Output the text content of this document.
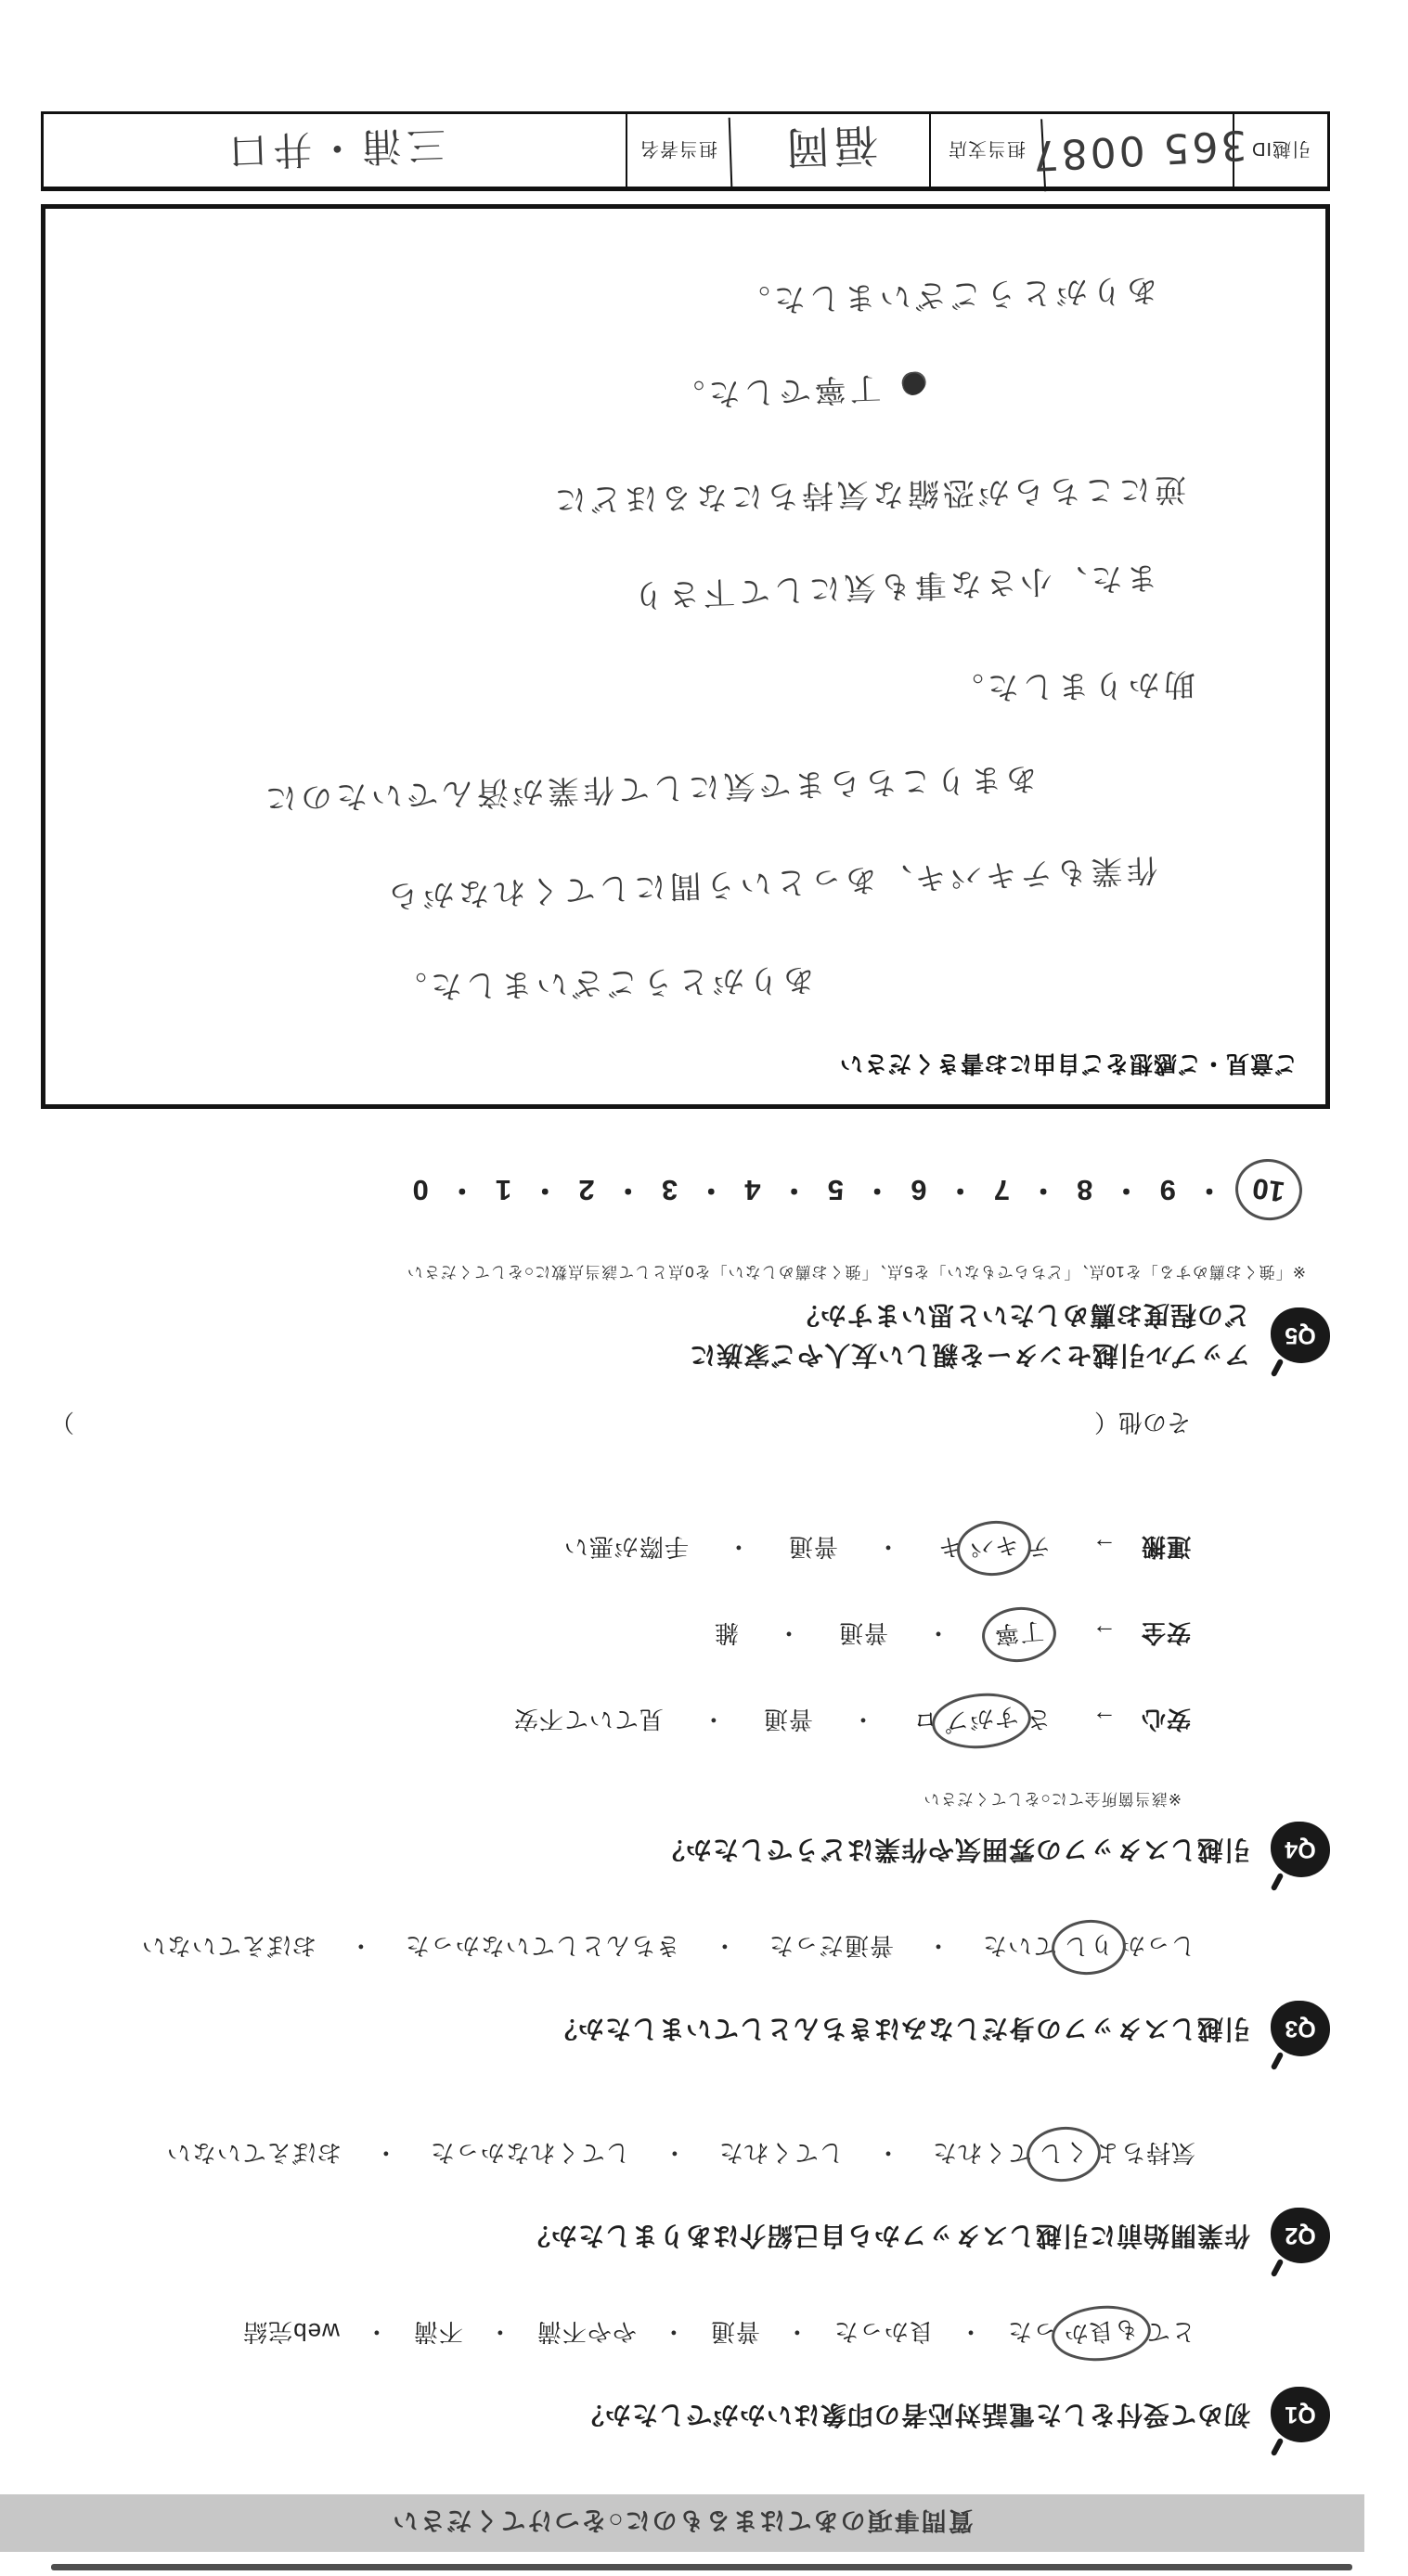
質問事項のあてはまるものに○をつけてください
Q1
初めて受付をした電話対応者の印象はいかがでしたか？
とても良かった・良かった・普通・やや不満・不満・web完結
Q2
作業開始前に引越しスタッフから自己紹介はありましたか？
気持ちよくしてくれた・してくれた・してくれなかった・おぼえていない
Q3
引越しスタッフの身だしなみはきちんとしていましたか？
しっかりしていた・普通だった・きちんとしていなかった・おぼえていない
Q4
引越しスタッフの雰囲気や作業はどうでしたか？
※該当箇所全てに○をしてください
安心→さすがプロ・普通・見ていて不安
安全→丁寧・普通・雑
運搬→テキパキ・普通・手際が悪い
その他（
）
Q5
アップル引越センターを親しい友人やご家族に
どの程度お薦めしたいと思いますか？
※「強くお薦めする」を10点、「どちらでもない」を5点、「強くお薦めしない」を0点として該当点数に○をしてください
10・ 9 ・ 8 ・ 7 ・ 6 ・ 5 ・ 4 ・ 3 ・ 2 ・ 1 ・ 0
ご意見・ご感想をご自由にお書きください
ありがとうございました。
作業もテキパキ、あっという間にしてくれながら
あまりこちらまで気にして作業が済んでいたのに
助かりました。
また、小さな事も気にして下さり
逆にこちらが恐縮な気持ちになるほどに
●丁寧でした。
ありがとうございました。
引越ID
365 0087
担当支店
福岡
担当者名
三浦・井口
